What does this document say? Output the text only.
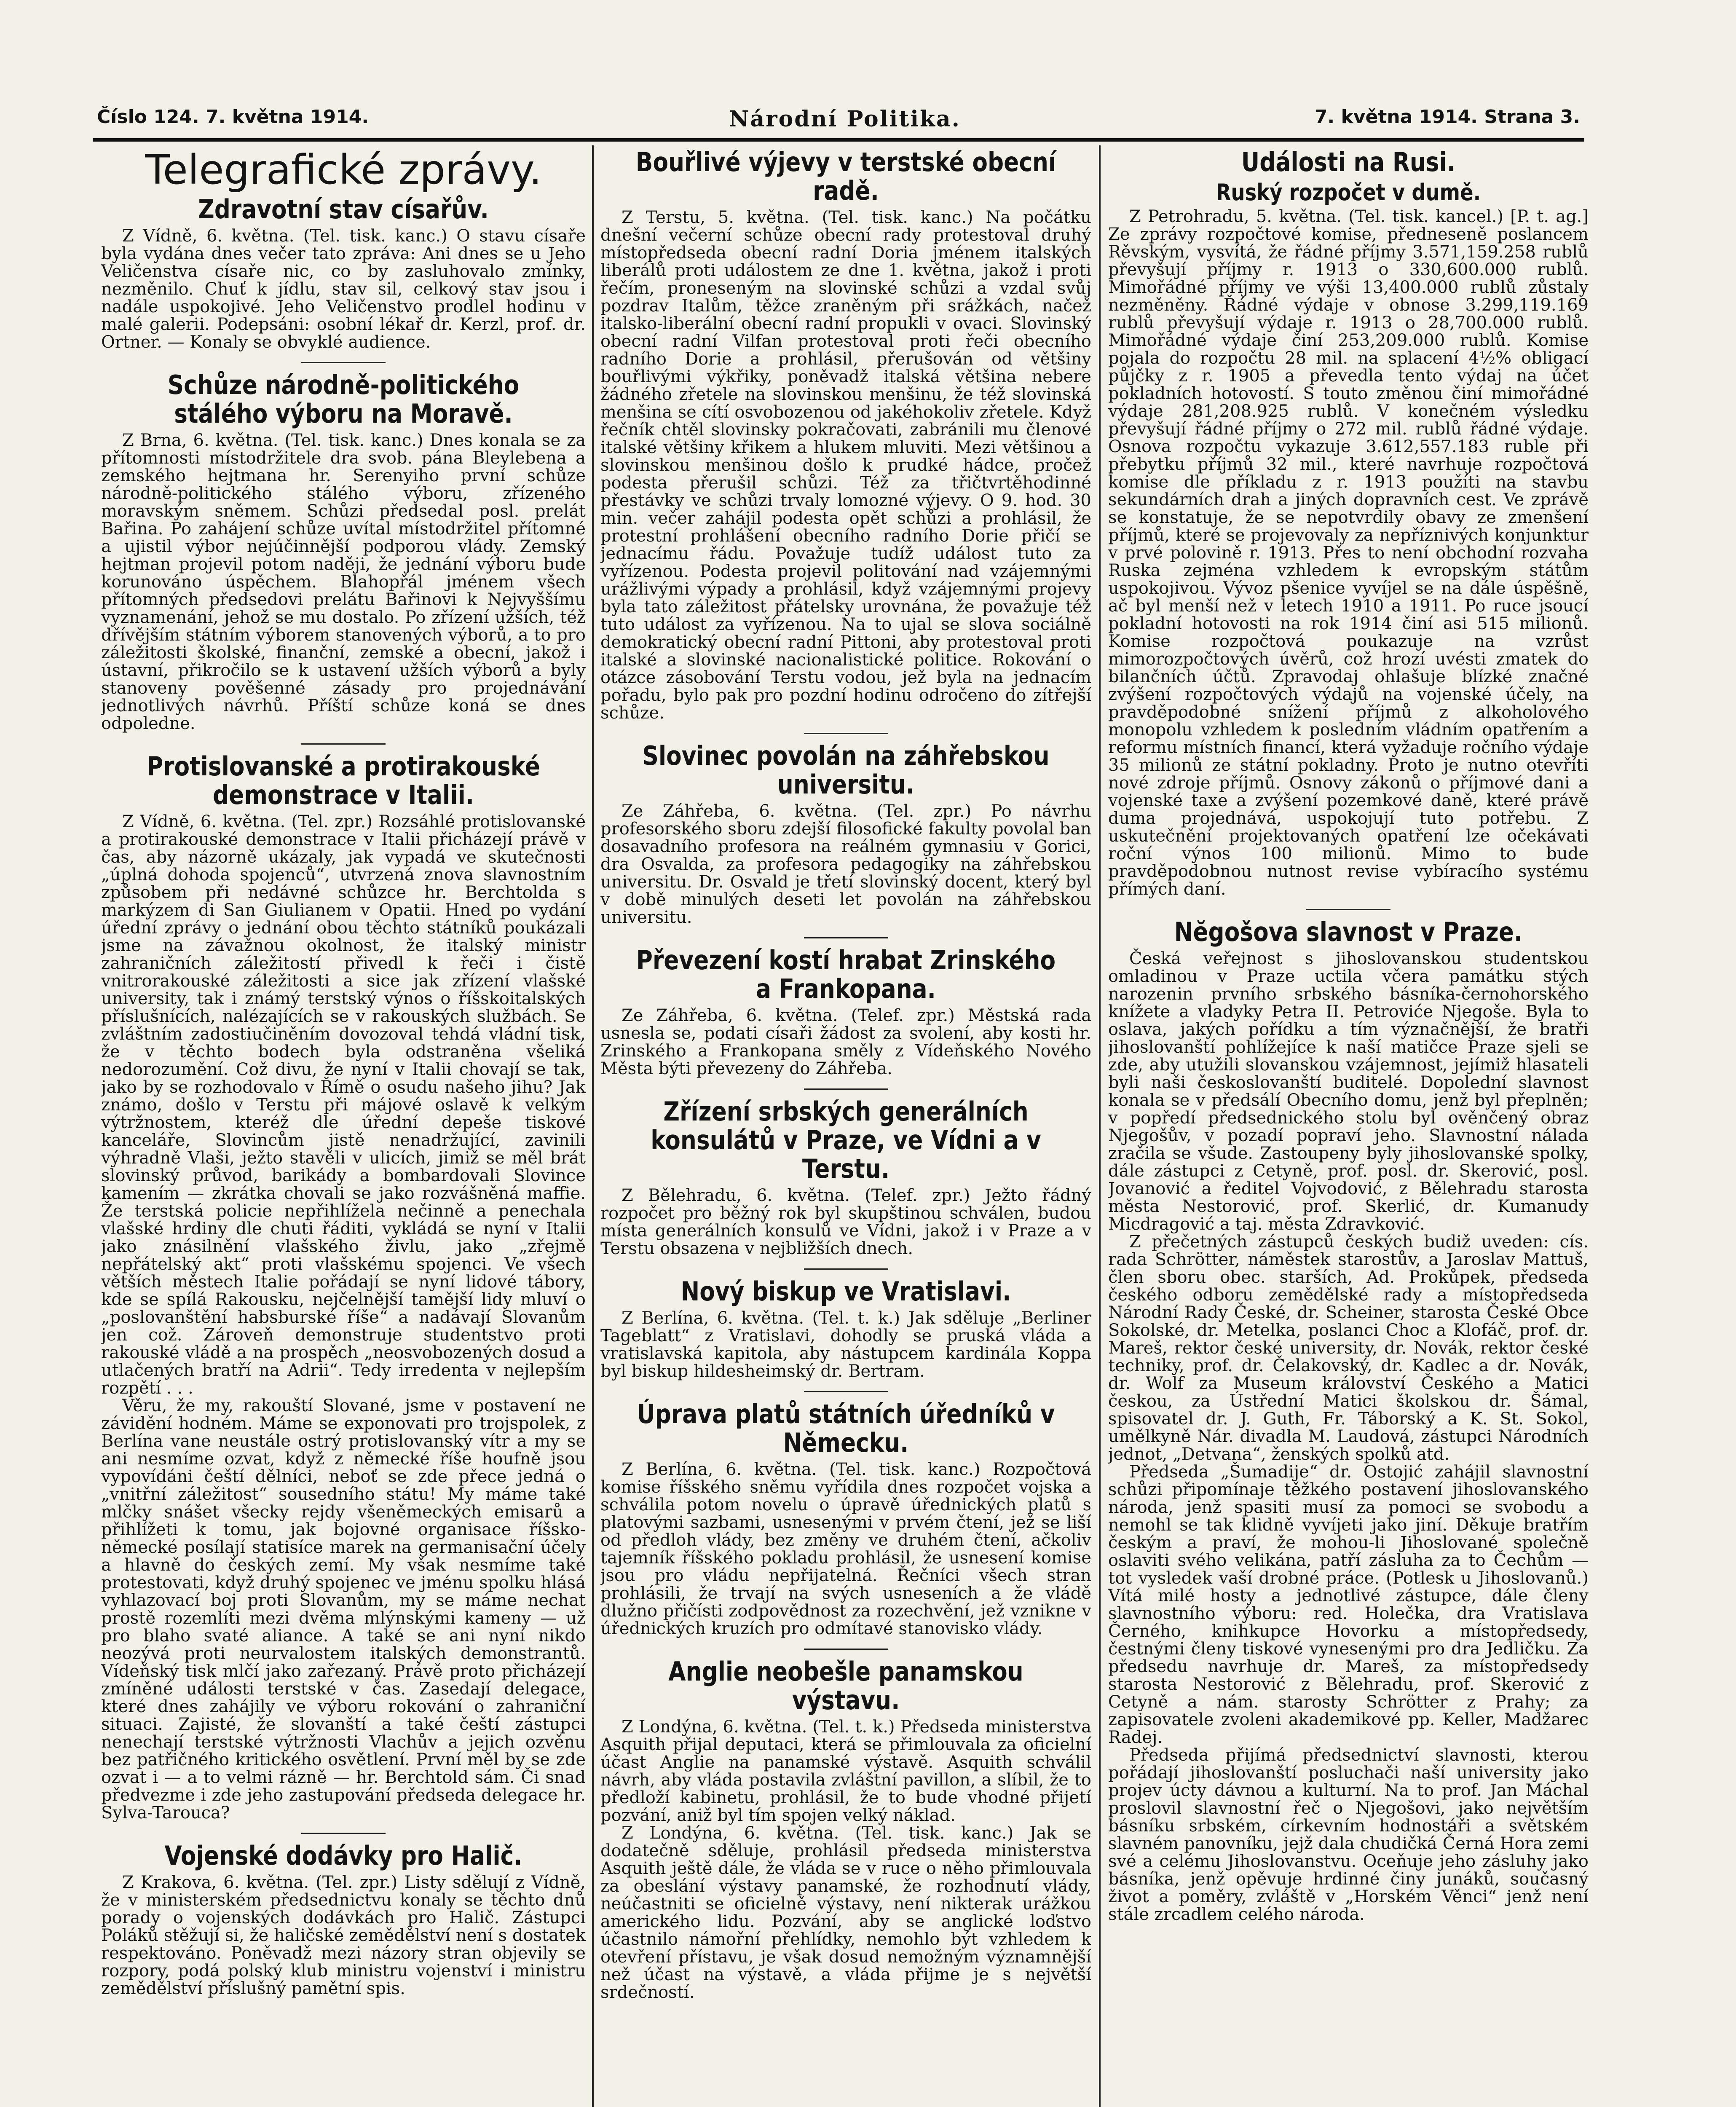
Číslo 124. 7. května 1914.	Národní Politika.	7. května 1914. Strana 3.
Telegrafické zprávy.
Zdravotní stav císařův.

Z Vídně, 6. května. (Tel. tisk. kanc.) O stavu císaře byla vydána dnes večer tato zpráva: Ani dnes se u Jeho Veličenstva císaře nic, co by zasluhovalo zmínky, nezměnilo. Chuť k jídlu, stav sil, celkový stav jsou i nadále uspokojivé. Jeho Veličenstvo prodlel hodinu v malé galerii. Podepsáni: osobní lékař dr. Kerzl, prof. dr. Ortner. — Konaly se obvyklé audience.

Schůze národně-politického stálého výboru na Moravě.

Z Brna, 6. května. (Tel. tisk. kanc.) Dnes konala se za přítomnosti místodržitele dra svob. pána Bleylebena a zemského hejtmana hr. Serenyiho první schůze národně-politického stálého výboru, zřízeného moravským sněmem. Schůzi předsedal posl. prelát Bařina. Po zahájení schůze uvítal místodržitel přítomné a ujistil výbor nejúčinnější podporou vlády. Zemský hejtman projevil potom naději, že jednání výboru bude korunováno úspěchem. Blahopřál jménem všech přítomných předsedovi prelátu Bařinovi k Nejvyššímu vyznamenání, jehož se mu dostalo. Po zřízení užších, též dřívějším státním výborem stanovených výborů, a to pro záležitosti školské, finanční, zemské a obecní, jakož i ústavní, přikročilo se k ustavení užších výborů a byly stanoveny pověšenné zásady pro projednávání jednotlivých návrhů. Příští schůze koná se dnes odpoledne.

Protislovanské a protirakouské demonstrace v Italii.

Z Vídně, 6. května. (Tel. zpr.) Rozsáhlé protislovanské a protirakouské demonstrace v Italii přicházejí právě v čas, aby názorně ukázaly, jak vypadá ve skutečnosti „úplná dohoda spojenců“, utvrzená znova slavnostním způsobem při nedávné schůzce hr. Berchtolda s markýzem di San Giulianem v Opatii. Hned po vydání úřední zprávy o jednání obou těchto státníků poukázali jsme na závažnou okolnost, že italský ministr zahraničních záležitostí přivedl k řeči i čistě vnitrorakouské záležitosti a sice jak zřízení vlašské university, tak i známý terstský výnos o říšskoitalských příslušnících, nalézajících se v rakouských službách. Se zvláštním zadostiučiněním dovozoval tehdá vládní tisk, že v těchto bodech byla odstraněna všeliká nedorozumění. Což divu, že nyní v Italii chovají se tak, jako by se rozhodovalo v Římě o osudu našeho jihu? Jak známo, došlo v Terstu při májové oslavě k velkým výtržnostem, kteréž dle úřední depeše tiskové kanceláře, Slovincům jistě nenadržující, zavinili výhradně Vlaši, ježto stavěli v ulicích, jimiž se měl brát slovinský průvod, barikády a bombardovali Slovince kamením — zkrátka chovali se jako rozvášněná maffie. Že terstská policie nepřihlížela nečinně a penechala vlašské hrdiny dle chuti řáditi, vykládá se nyní v Italii jako znásilnění vlašského živlu, jako „zřejmě nepřátelský akt“ proti vlašskému spojenci. Ve všech větších městech Italie pořádají se nyní lidové tábory, kde se spílá Rakousku, nejčelnější tamější lidy mluví o „poslovanštění habsburské říše“ a nadávají Slovanům jen což. Zároveň demonstruje studentstvo proti rakouské vládě a na prospěch „neosvobozených dosud a utlačených bratří na Adrii“. Tedy irredenta v nejlepším rozpětí . . .

Věru, že my, rakouští Slované, jsme v postavení ne závidění hodném. Máme se exponovati pro trojspolek, z Berlína vane neustále ostrý protislovanský vítr a my se ani nesmíme ozvat, když z německé říše houfně jsou vypovídáni čeští dělníci, neboť se zde přece jedná o „vnitřní záležitost“ sousedního státu! My máme také mlčky snášet všecky rejdy všeněmeckých emisarů a přihlížeti k tomu, jak bojovné organisace říšsko-německé posílají statisíce marek na germanisační účely a hlavně do českých zemí. My však nesmíme také protestovati, když druhý spojenec ve jménu spolku hlásá vyhlazovací boj proti Slovanům, my se máme nechat prostě rozemlíti mezi dvěma mlýnskými kameny — už pro blaho svaté aliance. A také se ani nyní nikdo neozývá proti neurvalostem italských demonstrantů. Vídeňský tisk mlčí jako zařezaný. Právě proto přicházejí zmíněné události terstské v čas. Zasedají delegace, které dnes zahájily ve výboru rokování o zahraniční situaci. Zajisté, že slovanští a také čeští zástupci nenechají terstské výtržnosti Vlachův a jejich ozvěnu bez patřičného kritického osvětlení. První měl by se zde ozvat i — a to velmi rázně — hr. Berchtold sám. Či snad předvezme i zde jeho zastupování předseda delegace hr. Sylva-Tarouca?

Vojenské dodávky pro Halič.

Z Krakova, 6. května. (Tel. zpr.) Listy sdělují z Vídně, že v ministerském předsednictvu konaly se těchto dnů porady o vojenských dodávkách pro Halič. Zástupci Poláků stěžují si, že haličské zemědělství není s dostatek respektováno. Poněvadž mezi názory stran objevily se rozpory, podá polský klub ministru vojenství i ministru zemědělství příslušný pamětní spis.

Bouřlivé výjevy v terstské obecní radě.

Z Terstu, 5. května. (Tel. tisk. kanc.) Na počátku dnešní večerní schůze obecní rady protestoval druhý místopředseda obecní radní Doria jménem italských liberálů proti událostem ze dne 1. května, jakož i proti řečím, proneseným na slovinské schůzi a vzdal svůj pozdrav Italům, těžce zraněným při srážkách, načež italsko-liberální obecní radní propukli v ovaci. Slovinský obecní radní Vilfan protestoval proti řeči obecního radního Dorie a prohlásil, přerušován od většiny bouřlivými výkřiky, poněvadž italská většina nebere žádného zřetele na slovinskou menšinu, že též slovinská menšina se cítí osvobozenou od jakéhokoliv zřetele. Když řečník chtěl slovinsky pokračovati, zabránili mu členové italské většiny křikem a hlukem mluviti. Mezi většinou a slovinskou menšinou došlo k prudké hádce, pročež podesta přerušil schůzi. Též za třičtvrtěhodinné přestávky ve schůzi trvaly lomozné výjevy. O 9. hod. 30 min. večer zahájil podesta opět schůzi a prohlásil, že protestní prohlášení obecního radního Dorie přičí se jednacímu řádu. Považuje tudíž událost tuto za vyřízenou. Podesta projevil politování nad vzájemnými urážlivými výpady a prohlásil, když vzájemnými projevy byla tato záležitost přátelsky urovnána, že považuje též tuto událost za vyřízenou. Na to ujal se slova sociálně demokratický obecní radní Pittoni, aby protestoval proti italské a slovinské nacionalistické politice. Rokování o otázce zásobování Terstu vodou, jež byla na jednacím pořadu, bylo pak pro pozdní hodinu odročeno do zítřejší schůze.

Slovinec povolán na záhřebskou universitu.

Ze Záhřeba, 6. května. (Tel. zpr.) Po návrhu profesorského sboru zdejší filosofické fakulty povolal ban dosavadního profesora na reálném gymnasiu v Gorici, dra Osvalda, za profesora pedagogiky na záhřebskou universitu. Dr. Osvald je třetí slovinský docent, který byl v době minulých deseti let povolán na záhřebskou universitu.

Převezení kostí hrabat Zrinského a Frankopana.

Ze Záhřeba, 6. května. (Telef. zpr.) Městská rada usnesla se, podati císaři žádost za svolení, aby kosti hr. Zrinského a Frankopana směly z Vídeňského Nového Města býti převezeny do Záhřeba.

Zřízení srbských generálních konsulátů v Praze, ve Vídni a v Terstu.

Z Bělehradu, 6. května. (Telef. zpr.) Ježto řádný rozpočet pro běžný rok byl skupštinou schválen, budou místa generálních konsulů ve Vídni, jakož i v Praze a v Terstu obsazena v nejbližších dnech.

Nový biskup ve Vratislavi.

Z Berlína, 6. května. (Tel. t. k.) Jak sděluje „Berliner Tageblatt“ z Vratislavi, dohodly se pruská vláda a vratislavská kapitola, aby nástupcem kardinála Koppa byl biskup hildesheimský dr. Bertram.

Úprava platů státních úředníků v Německu.

Z Berlína, 6. května. (Tel. tisk. kanc.) Rozpočtová komise říšského sněmu vyřídila dnes rozpočet vojska a schválila potom novelu o úpravě úřednických platů s platovými sazbami, usnesenými v prvém čtení, jež se liší od předloh vlády, bez změny ve druhém čtení, ačkoliv tajemník říšského pokladu prohlásil, že usnesení komise jsou pro vládu nepřijatelná. Řečníci všech stran prohlásili, že trvají na svých usneseních a že vládě dlužno přičísti zodpovědnost za rozechvění, jež vznikne v úřednických kruzích pro odmítavé stanovisko vlády.

Anglie neobešle panamskou výstavu.

Z Londýna, 6. května. (Tel. t. k.) Předseda ministerstva Asquith přijal deputaci, která se přimlouvala za oficielní účast Anglie na panamské výstavě. Asquith schválil návrh, aby vláda postavila zvláštní pavillon, a slíbil, že to předloží kabinetu, prohlásil, že to bude vhodné přijetí pozvání, aniž byl tím spojen velký náklad.

Z Londýna, 6. května. (Tel. tisk. kanc.) Jak se dodatečně sděluje, prohlásil předseda ministerstva Asquith ještě dále, že vláda se v ruce o něho přimlouvala za obeslání výstavy panamské, že rozhodnutí vlády, neúčastniti se oficielně výstavy, není nikterak urážkou amerického lidu. Pozvání, aby se anglické loďstvo účastnilo námořní přehlídky, nemohlo být vzhledem k otevření přístavu, je však dosud nemožným významnější než účast na výstavě, a vláda přijme je s největší srdečností.

Události na Rusi.
Ruský rozpočet v dumě.

Z Petrohradu, 5. května. (Tel. tisk. kancel.) [P. t. ag.] Ze zprávy rozpočtové komise, předneseně poslancem Rěvským, vysvítá, že řádné příjmy 3.571,159.258 rublů převyšují příjmy r. 1913 o 330,600.000 rublů. Mimořádné příjmy ve výši 13,400.000 rublů zůstaly nezměněny. Řádné výdaje v obnose 3.299,119.169 rublů převyšují výdaje r. 1913 o 28,700.000 rublů. Mimořádné výdaje činí 253,209.000 rublů. Komise pojala do rozpočtu 28 mil. na splacení 4½% obligací půjčky z r. 1905 a převedla tento výdaj na účet pokladních hotovostí. S touto změnou činí mimořádné výdaje 281,208.925 rublů. V konečném výsledku převyšují řádné příjmy o 272 mil. rublů řádné výdaje. Osnova rozpočtu vykazuje 3.612,557.183 ruble při přebytku příjmů 32 mil., které navrhuje rozpočtová komise dle příkladu z r. 1913 použíti na stavbu sekundárních drah a jiných dopravních cest. Ve zprávě se konstatuje, že se nepotvrdily obavy ze zmenšení příjmů, které se projevovaly za nepříznivých konjunktur v prvé polovině r. 1913. Přes to není obchodní rozvaha Ruska zejména vzhledem k evropským státům uspokojivou. Vývoz pšenice vyvíjel se na dále úspěšně, ač byl menší než v letech 1910 a 1911. Po ruce jsoucí pokladní hotovosti na rok 1914 činí asi 515 milionů. Komise rozpočtová poukazuje na vzrůst mimorozpočtových úvěrů, což hrozí uvésti zmatek do bilančních účtů. Zpravodaj ohlašuje blízké značné zvýšení rozpočtových výdajů na vojenské účely, na pravděpodobné snížení příjmů z alkoholového monopolu vzhledem k posledním vládním opatřením a reformu místních financí, která vyžaduje ročního výdaje 35 milionů ze státní pokladny. Proto je nutno otevříti nové zdroje příjmů. Osnovy zákonů o příjmové dani a vojenské taxe a zvýšení pozemkové daně, které právě duma projednává, uspokojují tuto potřebu. Z uskutečnění projektovaných opatření lze očekávati roční výnos 100 milionů. Mimo to bude pravděpodobnou nutnost revise vybíracího systému přímých daní.

Nĕgošova slavnost v Praze.

Česká veřejnost s jihoslovanskou studentskou omladinou v Praze uctila včera památku stých narozenin prvního srbského básníka-černohorského knížete a vladyky Petra II. Petroviće Njegoše. Byla to oslava, jakých pořídku a tím význačnější, že bratři jihoslovanští pohlížejíce k naší matičce Praze sjeli se zde, aby utužili slovanskou vzájemnost, jejímiž hlasateli byli naši českoslovanští buditelé. Dopolední slavnost konala se v předsálí Obecního domu, jenž byl přeplněn; v popředí předsednického stolu byl ověnčený obraz Njegošův, v pozadí popraví jeho. Slavnostní nálada zračila se všude. Zastoupeny byly jihoslovanské spolky, dále zástupci z Cetyně, prof. posl. dr. Skerović, posl. Jovanović a ředitel Vojvodović, z Bělehradu starosta města Nestorović, prof. Skerlić, dr. Kumanudy Micdragović a taj. města Zdravković.

Z přečetných zástupců českých budiž uveden: cís. rada Schrötter, náměstek starostův, a Jaroslav Mattuš, člen sboru obec. starších, Ad. Prokůpek, předseda českého odboru zemědělské rady a místopředseda Národní Rady České, dr. Scheiner, starosta České Obce Sokolské, dr. Metelka, poslanci Choc a Klofáč, prof. dr. Mareš, rektor české university, dr. Novák, rektor české techniky, prof. dr. Čelakovský, dr. Kadlec a dr. Novák, dr. Wolf za Museum království Českého a Matici českou, za Ústřední Matici školskou dr. Šámal, spisovatel dr. J. Guth, Fr. Táborský a K. St. Sokol, umělkyně Nár. divadla M. Laudová, zástupci Národních jednot, „Detvana“, ženských spolků atd.

Předseda „Šumadije“ dr. Ostojić zahájil slavnostní schůzi připomínaje těžkého postavení jihoslovanského národa, jenž spasiti musí za pomoci se svobodu a nemohl se tak klidně vyvíjeti jako jiní. Děkuje bratřím českým a praví, že mohou-li Jihoslované společně oslaviti svého velikána, patří zásluha za to Čechům — tot vysledek vaší drobné práce. (Potlesk u Jihoslovanů.) Vítá milé hosty a jednotlivé zástupce, dále členy slavnostního výboru: red. Holečka, dra Vratislava Černého, knihkupce Hovorku a místopředsedy, čestnými členy tiskové vynesenými pro dra Jedličku. Za předsedu navrhuje dr. Mareš, za místopředsedy starosta Nestorović z Bělehradu, prof. Skerović z Cetyně a nám. starosty Schrötter z Prahy; za zapisovatele zvoleni akademikové pp. Keller, Madžarec Radej.

Předseda přijímá předsednictví slavnosti, kterou pořádají jihoslovanští posluchači naší university jako projev úcty dávnou a kulturní. Na to prof. Jan Máchal proslovil slavnostní řeč o Njegošovi, jako největším básníku srbském, církevním hodnostáři a světském slavném panovníku, jejž dala chudičká Černá Hora zemi své a celému Jihoslovanstvu. Oceňuje jeho zásluhy jako básníka, jenž opěvuje hrdinné činy junáků, současný život a poměry, zvláště v „Horském Věnci“ jenž není stále zrcadlem celého národa.
